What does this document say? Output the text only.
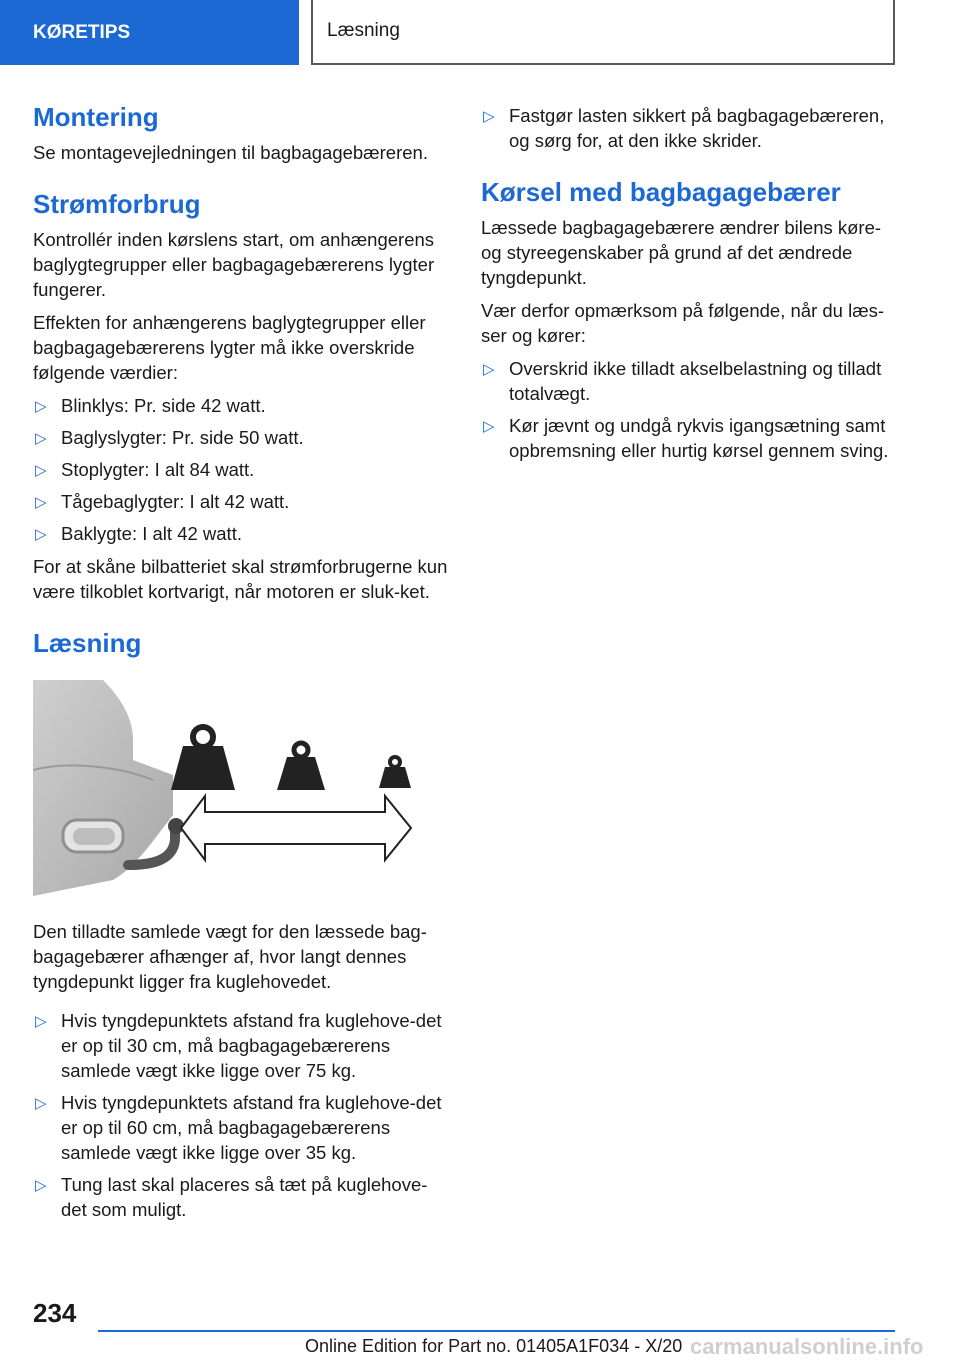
KØRETIPS	Læsning
Montering

Se montagevejledningen til bagbagagebæreren.

Strømforbrug

Kontrollér inden kørslens start, om anhængerens baglygtegrupper eller bagbagagebærerens lygter fungerer.

Effekten for anhængerens baglygtegrupper eller bagbagagebærerens lygter må ikke overskride følgende værdier:

▷ Blinklys: Pr. side 42 watt.
▷ Baglyslygter: Pr. side 50 watt.
▷ Stoplygter: I alt 84 watt.
▷ Tågebaglygter: I alt 42 watt.
▷ Baklygte: I alt 42 watt.

For at skåne bilbatteriet skal strømforbrugerne kun være tilkoblet kortvarigt, når motoren er sluk-ket.

Læsning

Den tilladte samlede vægt for den læssede bag-bagagebærer afhænger af, hvor langt dennes tyngdepunkt ligger fra kuglehovedet.

▷ Hvis tyngdepunktets afstand fra kuglehove-det er op til 30 cm, må bagbagagebærerens samlede vægt ikke ligge over 75 kg.
▷ Hvis tyngdepunktets afstand fra kuglehove-det er op til 60 cm, må bagbagagebærerens samlede vægt ikke ligge over 35 kg.
▷ Tung last skal placeres så tæt på kuglehove-det som muligt.
▷ Fastgør lasten sikkert på bagbagagebæreren, og sørg for, at den ikke skrider.
Kørsel med bagbagagebærer

Læssede bagbagagebærere ændrer bilens køre- og styreegenskaber på grund af det ændrede tyngdepunkt.

Vær derfor opmærksom på følgende, når du læs-ser og kører:

▷ Overskrid ikke tilladt akselbelastning og tilladt totalvægt.
▷ Kør jævnt og undgå rykvis igangsætning samt opbremsning eller hurtig kørsel gennem sving.
234
Online Edition for Part no. 01405A1F034 - X/20 carmanualsonline.info
